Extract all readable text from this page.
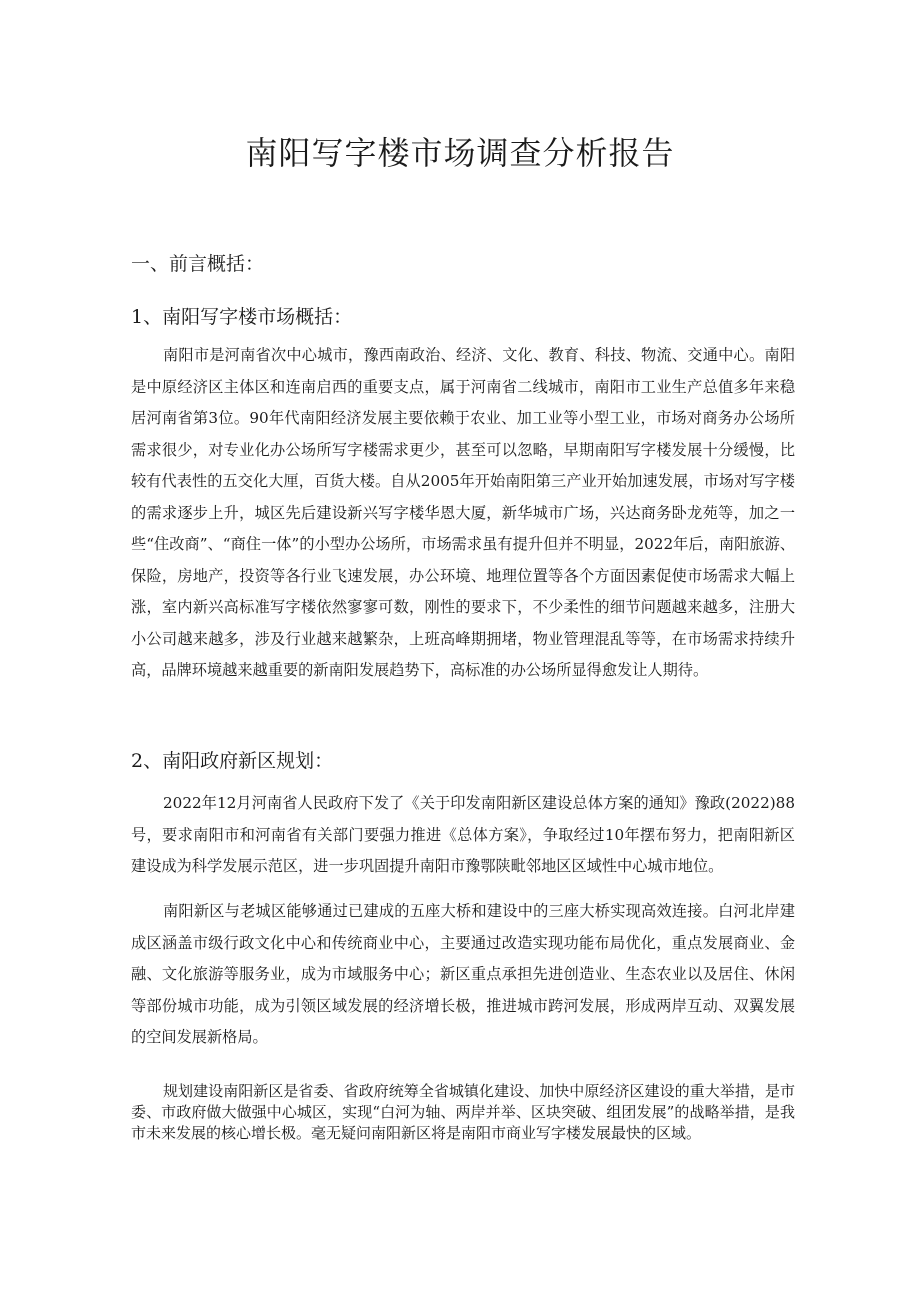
南阳写字楼市场调查分析报告
一、前言概括：
1、南阳写字楼市场概括：

南阳市是河南省次中心城市，豫西南政治、经济、文化、教育、科技、物流、交通中心。南阳是中原经济区主体区和连南启西的重要支点，属于河南省二线城市，南阳市工业生产总值多年来稳居河南省第3位。90年代南阳经济发展主要依赖于农业、加工业等小型工业，市场对商务办公场所需求很少，对专业化办公场所写字楼需求更少，甚至可以忽略，早期南阳写字楼发展十分缓慢，比较有代表性的五交化大厘，百货大楼。自从2005年开始南阳第三产业开始加速发展，市场对写字楼的需求逐步上升，城区先后建设新兴写字楼华恩大厦，新华城市广场，兴达商务卧龙苑等，加之一些“住改商”、“商住一体”的小型办公场所，市场需求虽有提升但并不明显，2022年后，南阳旅游、保险，房地产，投资等各行业飞速发展，办公环境、地理位置等各个方面因素促使市场需求大幅上涨，室内新兴高标准写字楼依然寥寥可数，刚性的要求下，不少柔性的细节问题越来越多，注册大小公司越来越多，涉及行业越来越繁杂，上班高峰期拥堵，物业管理混乱等等，在市场需求持续升高，品牌环境越来越重要的新南阳发展趋势下，高标准的办公场所显得愈发让人期待。

2、南阳政府新区规划：

2022年12月河南省人民政府下发了《关于印发南阳新区建设总体方案的通知》豫政(2022)88号，要求南阳市和河南省有关部门要强力推进《总体方案》，争取经过10年摆布努力，把南阳新区建设成为科学发展示范区，进一步巩固提升南阳市豫鄂陕毗邻地区区域性中心城市地位。

南阳新区与老城区能够通过已建成的五座大桥和建设中的三座大桥实现高效连接。白河北岸建成区涵盖市级行政文化中心和传统商业中心，主要通过改造实现功能布局优化，重点发展商业、金融、文化旅游等服务业，成为市域服务中心；新区重点承担先进创造业、生态农业以及居住、休闲等部份城市功能，成为引领区域发展的经济增长极，推进城市跨河发展，形成两岸互动、双翼发展的空间发展新格局。

规划建设南阳新区是省委、省政府统筹全省城镇化建设、加快中原经济区建设的重大举措，是市委、市政府做大做强中心城区，实现“白河为轴、两岸并举、区块突破、组团发展”的战略举措，是我市未来发展的核心增长极。毫无疑问南阳新区将是南阳市商业写字楼发展最快的区域。
